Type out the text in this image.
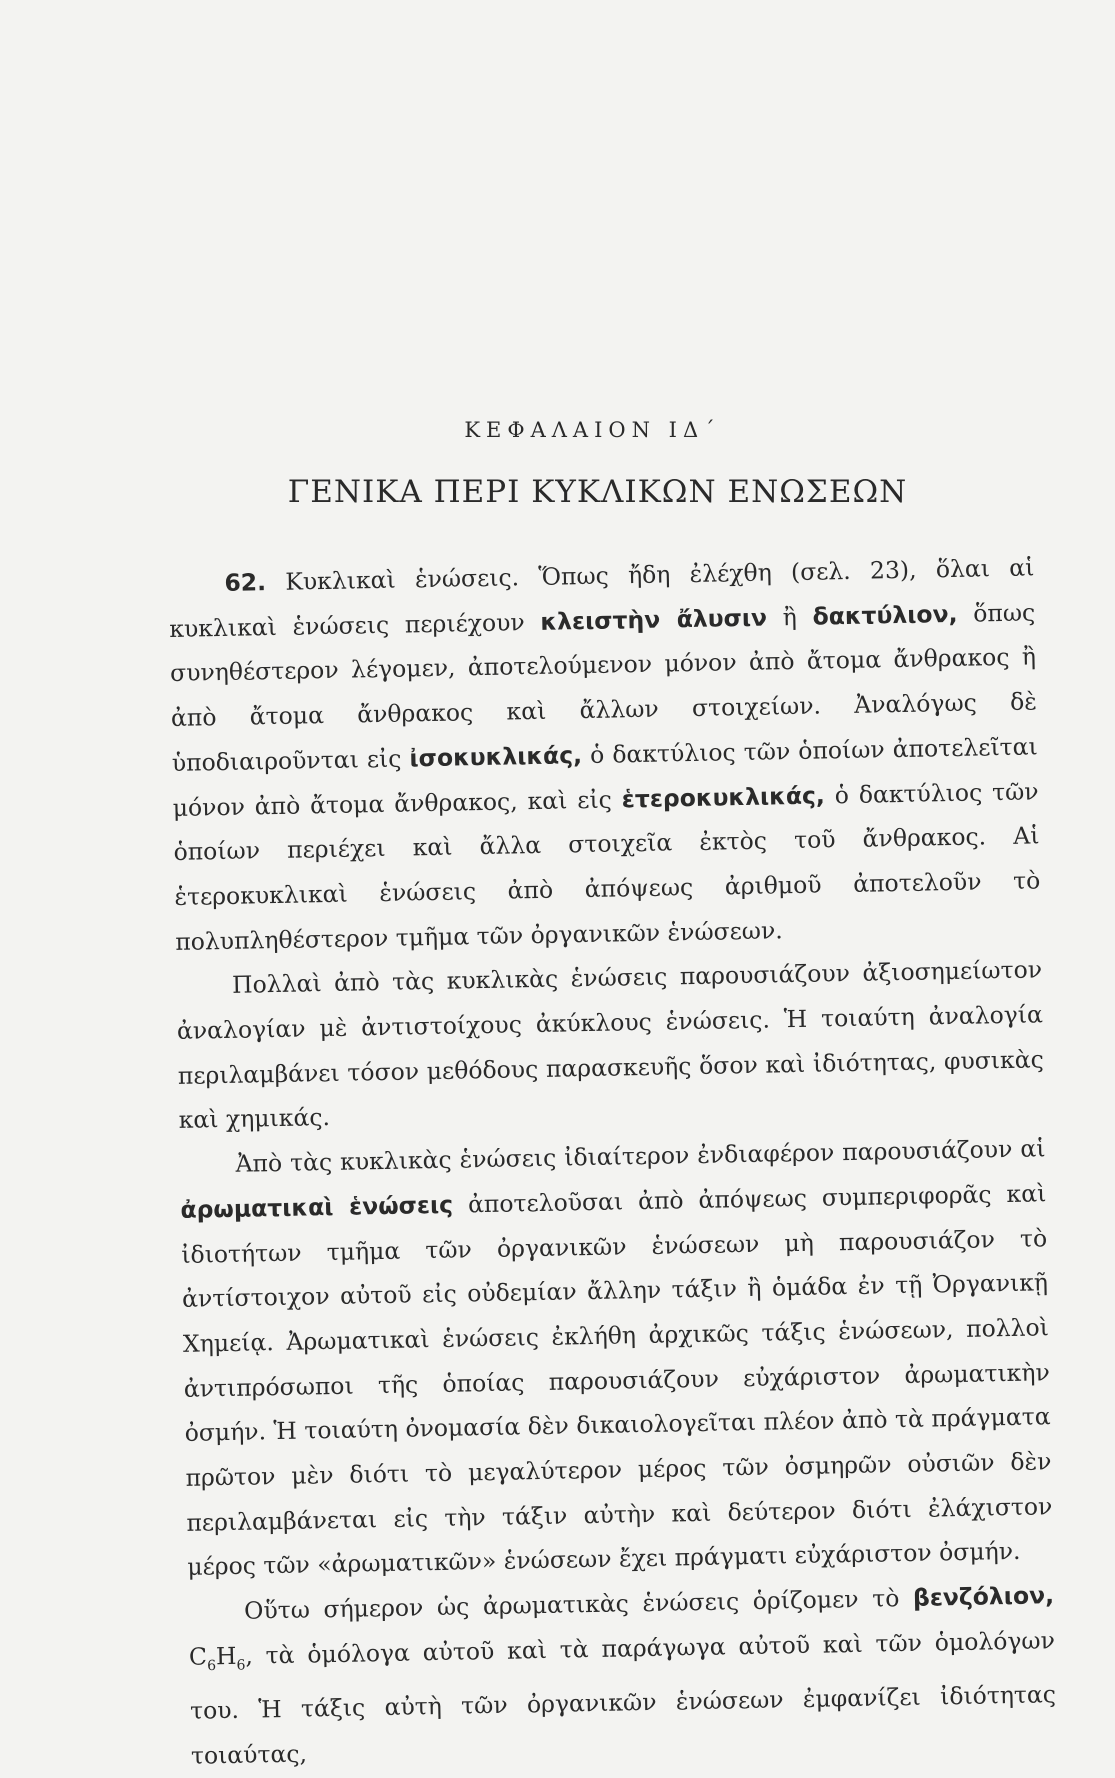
ΚΕΦΑΛΑΙΟΝ ΙΔ΄
ΓΕΝΙΚΑ ΠΕΡΙ ΚΥΚΛΙΚΩΝ ΕΝΩΣΕΩΝ

62. Κυκλικαὶ ἑνώσεις. Ὅπως ἤδη ἐλέχθη (σελ. 23), ὅλαι αἱ κυκλικαὶ ἑνώσεις περιέχουν κλειστὴν ἄλυσιν ἢ δακτύλιον, ὅπως συνηθέστερον λέγομεν, ἀποτελούμενον μόνον ἀπὸ ἄτομα ἄνθρακος ἢ ἀπὸ ἄτομα ἄνθρακος καὶ ἄλλων στοιχείων. Ἀναλόγως δὲ ὑποδιαιροῦνται εἰς ἰσοκυκλικάς, ὁ δακτύλιος τῶν ὁποίων ἀποτελεῖται μόνον ἀπὸ ἄτομα ἄνθρακος, καὶ εἰς ἑτεροκυκλικάς, ὁ δακτύλιος τῶν ὁποίων περιέχει καὶ ἄλλα στοιχεῖα ἐκτὸς τοῦ ἄνθρακος. Αἱ ἑτεροκυκλικαὶ ἑνώσεις ἀπὸ ἀπόψεως ἀριθμοῦ ἀποτελοῦν τὸ πολυπληθέστερον τμῆμα τῶν ὀργανικῶν ἑνώσεων.

Πολλαὶ ἀπὸ τὰς κυκλικὰς ἑνώσεις παρουσιάζουν ἀξιοσημείωτον ἀναλογίαν μὲ ἀντιστοίχους ἀκύκλους ἑνώσεις. Ἡ τοιαύτη ἀναλογία περιλαμβάνει τόσον μεθόδους παρασκευῆς ὅσον καὶ ἰδιότητας, φυσικὰς καὶ χημικάς.

Ἀπὸ τὰς κυκλικὰς ἑνώσεις ἰδιαίτερον ἐνδιαφέρον παρουσιάζουν αἱ ἀρωματικαὶ ἑνώσεις ἀποτελοῦσαι ἀπὸ ἀπόψεως συμπεριφορᾶς καὶ ἰδιοτήτων τμῆμα τῶν ὀργανικῶν ἑνώσεων μὴ παρουσιάζον τὸ ἀντίστοιχον αὐτοῦ εἰς οὐδεμίαν ἄλλην τάξιν ἢ ὁμάδα ἐν τῇ Ὀργανικῇ Χημείᾳ. Ἀρωματικαὶ ἑνώσεις ἐκλήθη ἀρχικῶς τάξις ἑνώσεων, πολλοὶ ἀντιπρόσωποι τῆς ὁποίας παρουσιάζουν εὐχάριστον ἀρωματικὴν ὀσμήν. Ἡ τοιαύτη ὀνομασία δὲν δικαιολογεῖται πλέον ἀπὸ τὰ πράγματα πρῶτον μὲν διότι τὸ μεγαλύτερον μέρος τῶν ὀσμηρῶν οὐσιῶν δὲν περιλαμβάνεται εἰς τὴν τάξιν αὐτὴν καὶ δεύτερον διότι ἐλάχιστον μέρος τῶν «ἀρωματικῶν» ἑνώσεων ἔχει πράγματι εὐχάριστον ὀσμήν.

Οὕτω σήμερον ὡς ἀρωματικὰς ἑνώσεις ὁρίζομεν τὸ βενζόλιον, $C_6H_6$, τὰ ὁμόλογα αὐτοῦ καὶ τὰ παράγωγα αὐτοῦ καὶ τῶν ὁμολόγων του. Ἡ τάξις αὐτὴ τῶν ὀργανικῶν ἑνώσεων ἐμφανίζει ἰδιότητας τοιαύτας,
